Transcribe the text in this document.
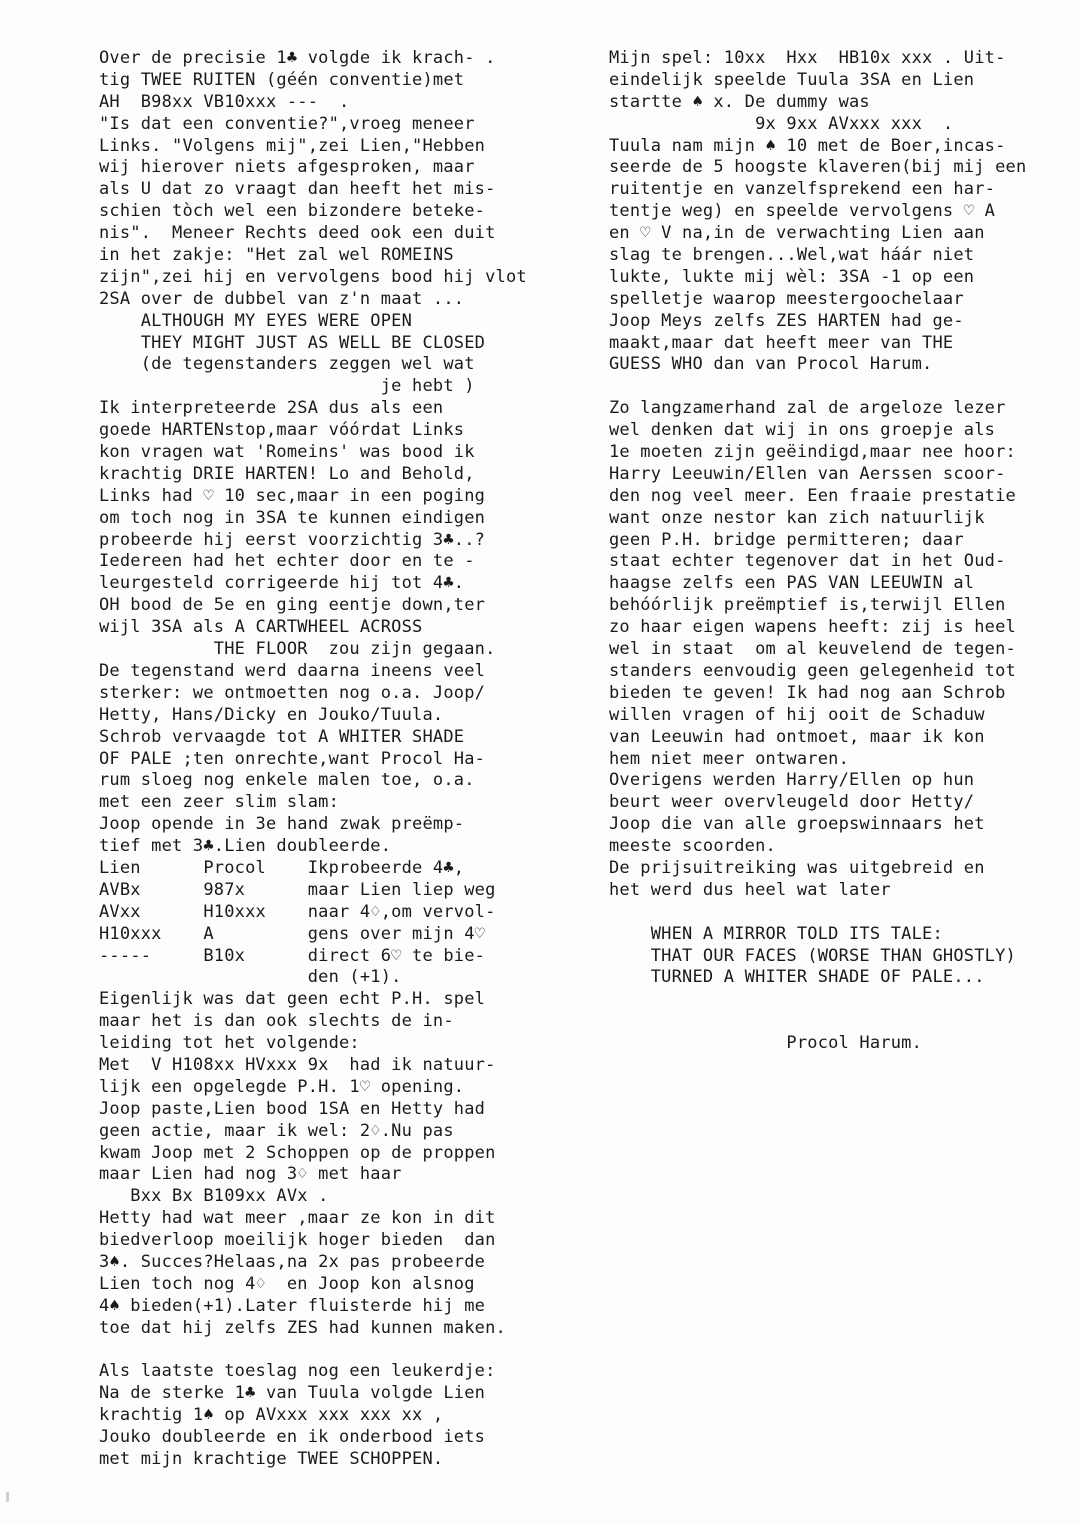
Over de precisie 1♣ volgde ik krach- .
tig TWEE RUITEN (géén conventie)met
AH  B98xx VB10xxx ---  .
"Is dat een conventie?",vroeg meneer
Links. "Volgens mij",zei Lien,"Hebben
wij hierover niets afgesproken, maar
als U dat zo vraagt dan heeft het mis-
schien tòch wel een bizondere beteke-
nis".  Meneer Rechts deed ook een duit
in het zakje: "Het zal wel ROMEINS
zijn",zei hij en vervolgens bood hij vlot
2SA over de dubbel van z'n maat ...
ALTHOUGH MY EYES WERE OPEN
THEY MIGHT JUST AS WELL BE CLOSED
(de tegenstanders zeggen wel wat
je hebt )
Ik interpreteerde 2SA dus als een
goede HARTENstop,maar vóórdat Links
kon vragen wat 'Romeins' was bood ik
krachtig DRIE HARTEN! Lo and Behold,
Links had ♡ 10 sec,maar in een poging
om toch nog in 3SA te kunnen eindigen
probeerde hij eerst voorzichtig 3♣..?
Iedereen had het echter door en te -
leurgesteld corrigeerde hij tot 4♣.
OH bood de 5e en ging eentje down,ter
wijl 3SA als A CARTWHEEL ACROSS
THE FLOOR  zou zijn gegaan.
De tegenstand werd daarna ineens veel
sterker: we ontmoetten nog o.a. Joop/
Hetty, Hans/Dicky en Jouko/Tuula.
Schrob vervaagde tot A WHITER SHADE
OF PALE ;ten onrechte,want Procol Ha-
rum sloeg nog enkele malen toe, o.a.
met een zeer slim slam:
Joop opende in 3e hand zwak preëmp-
tief met 3♣.Lien doubleerde.
Lien      Procol    Ikprobeerde 4♣,
AVBx      987x      maar Lien liep weg
AVxx      H10xxx    naar 4♢,om vervol-
H10xxx    A         gens over mijn 4♡
-----     B10x      direct 6♡ te bie-
den (+1).
Eigenlijk was dat geen echt P.H. spel
maar het is dan ook slechts de in-
leiding tot het volgende:
Met  V H108xx HVxxx 9x  had ik natuur-
lijk een opgelegde P.H. 1♡ opening.
Joop paste,Lien bood 1SA en Hetty had
geen actie, maar ik wel: 2♢.Nu pas
kwam Joop met 2 Schoppen op de proppen
maar Lien had nog 3♢ met haar
Bxx Bx B109xx AVx .
Hetty had wat meer ,maar ze kon in dit
biedverloop moeilijk hoger bieden  dan
3♠. Succes?Helaas,na 2x pas probeerde
Lien toch nog 4♢  en Joop kon alsnog
4♠ bieden(+1).Later fluisterde hij me
toe dat hij zelfs ZES had kunnen maken.
Als laatste toeslag nog een leukerdje:
Na de sterke 1♣ van Tuula volgde Lien
krachtig 1♠ op AVxxx xxx xxx xx ,
Jouko doubleerde en ik onderbood iets
met mijn krachtige TWEE SCHOPPEN.
Mijn spel: 10xx  Hxx  HB10x xxx . Uit-
eindelijk speelde Tuula 3SA en Lien
startte ♠ x. De dummy was
9x 9xx AVxxx xxx  .
Tuula nam mijn ♠ 10 met de Boer,incas-
seerde de 5 hoogste klaveren(bij mij een
ruitentje en vanzelfsprekend een har-
tentje weg) en speelde vervolgens ♡ A
en ♡ V na,in de verwachting Lien aan
slag te brengen...Wel,wat háár niet
lukte, lukte mij wèl: 3SA -1 op een
spelletje waarop meestergoochelaar
Joop Meys zelfs ZES HARTEN had ge-
maakt,maar dat heeft meer van THE
GUESS WHO dan van Procol Harum.
Zo langzamerhand zal de argeloze lezer
wel denken dat wij in ons groepje als
1e moeten zijn geëindigd,maar nee hoor:
Harry Leeuwin/Ellen van Aerssen scoor-
den nog veel meer. Een fraaie prestatie
want onze nestor kan zich natuurlijk
geen P.H. bridge permitteren; daar
staat echter tegenover dat in het Oud-
haagse zelfs een PAS VAN LEEUWIN al
behóórlijk preëmptief is,terwijl Ellen
zo haar eigen wapens heeft: zij is heel
wel in staat  om al keuvelend de tegen-
standers eenvoudig geen gelegenheid tot
bieden te geven! Ik had nog aan Schrob
willen vragen of hij ooit de Schaduw
van Leeuwin had ontmoet, maar ik kon
hem niet meer ontwaren.
Overigens werden Harry/Ellen op hun
beurt weer overvleugeld door Hetty/
Joop die van alle groepswinnaars het
meeste scoorden.
De prijsuitreiking was uitgebreid en
het werd dus heel wat later
WHEN A MIRROR TOLD ITS TALE:
THAT OUR FACES (WORSE THAN GHOSTLY)
TURNED A WHITER SHADE OF PALE...
Procol Harum.
